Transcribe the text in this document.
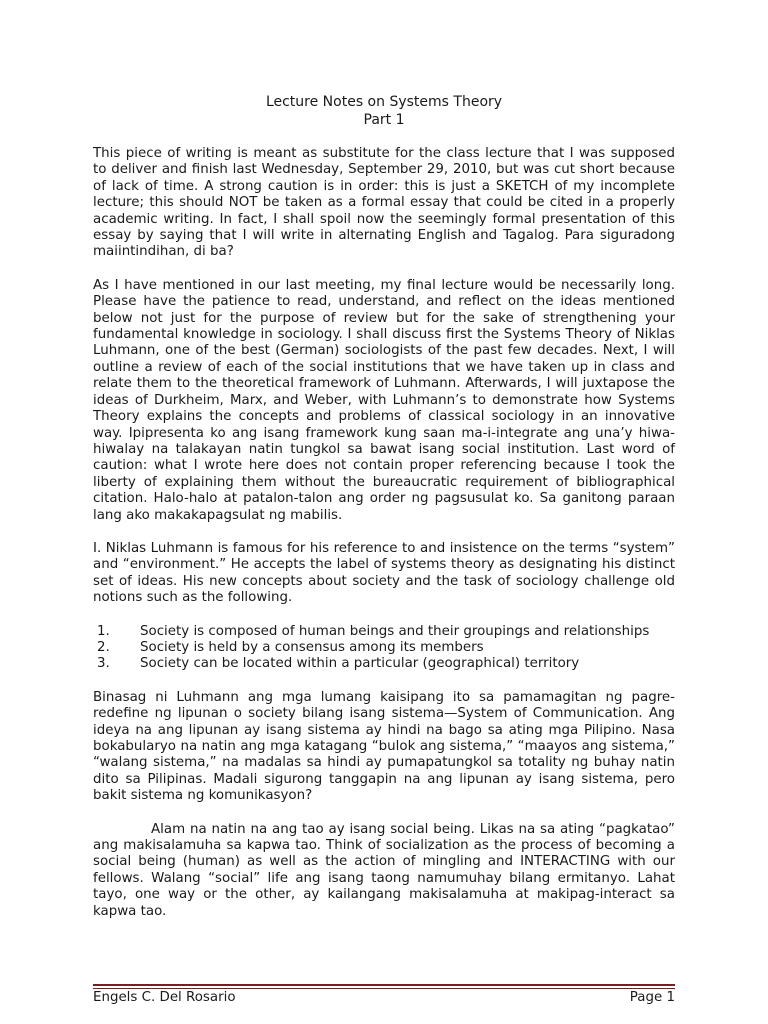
Lecture Notes on Systems Theory
Part 1

This piece of writing is meant as substitute for the class lecture that I was supposed to deliver and finish last Wednesday, September 29, 2010, but was cut short because of lack of time. A strong caution is in order: this is just a SKETCH of my incomplete lecture; this should NOT be taken as a formal essay that could be cited in a properly academic writing. In fact, I shall spoil now the seemingly formal presentation of this essay by saying that I will write in alternating English and Tagalog. Para siguradong maiintindihan, di ba?

As I have mentioned in our last meeting, my final lecture would be necessarily long. Please have the patience to read, understand, and reflect on the ideas mentioned below not just for the purpose of review but for the sake of strengthening your fundamental knowledge in sociology. I shall discuss first the Systems Theory of Niklas Luhmann, one of the best (German) sociologists of the past few decades. Next, I will outline a review of each of the social institutions that we have taken up in class and relate them to the theoretical framework of Luhmann. Afterwards, I will juxtapose the ideas of Durkheim, Marx, and Weber, with Luhmann’s to demonstrate how Systems Theory explains the concepts and problems of classical sociology in an innovative way. Ipipresenta ko ang isang framework kung saan ma-i-integrate ang una’y hiwa-hiwalay na talakayan natin tungkol sa bawat isang social institution. Last word of caution: what I wrote here does not contain proper referencing because I took the liberty of explaining them without the bureaucratic requirement of bibliographical citation. Halo-halo at patalon-talon ang order ng pagsusulat ko. Sa ganitong paraan lang ako makakapagsulat ng mabilis.

I. Niklas Luhmann is famous for his reference to and insistence on the terms “system” and “environment.” He accepts the label of systems theory as designating his distinct set of ideas. His new concepts about society and the task of sociology challenge old notions such as the following.

1. Society is composed of human beings and their groupings and relationships
2. Society is held by a consensus among its members
3. Society can be located within a particular (geographical) territory

Binasag ni Luhmann ang mga lumang kaisipang ito sa pamamagitan ng pagre-redefine ng lipunan o society bilang isang sistema—System of Communication. Ang ideya na ang lipunan ay isang sistema ay hindi na bago sa ating mga Pilipino. Nasa bokabularyo na natin ang mga katagang “bulok ang sistema,” “maayos ang sistema,” “walang sistema,” na madalas sa hindi ay pumapatungkol sa totality ng buhay natin dito sa Pilipinas. Madali sigurong tanggapin na ang lipunan ay isang sistema, pero bakit sistema ng komunikasyon?

Alam na natin na ang tao ay isang social being. Likas na sa ating “pagkatao” ang makisalamuha sa kapwa tao. Think of socialization as the process of becoming a social being (human) as well as the action of mingling and INTERACTING with our fellows. Walang “social” life ang isang taong namumuhay bilang ermitanyo. Lahat tayo, one way or the other, ay kailangang makisalamuha at makipag-interact sa kapwa tao.

Engels C. Del Rosario	Page 1
